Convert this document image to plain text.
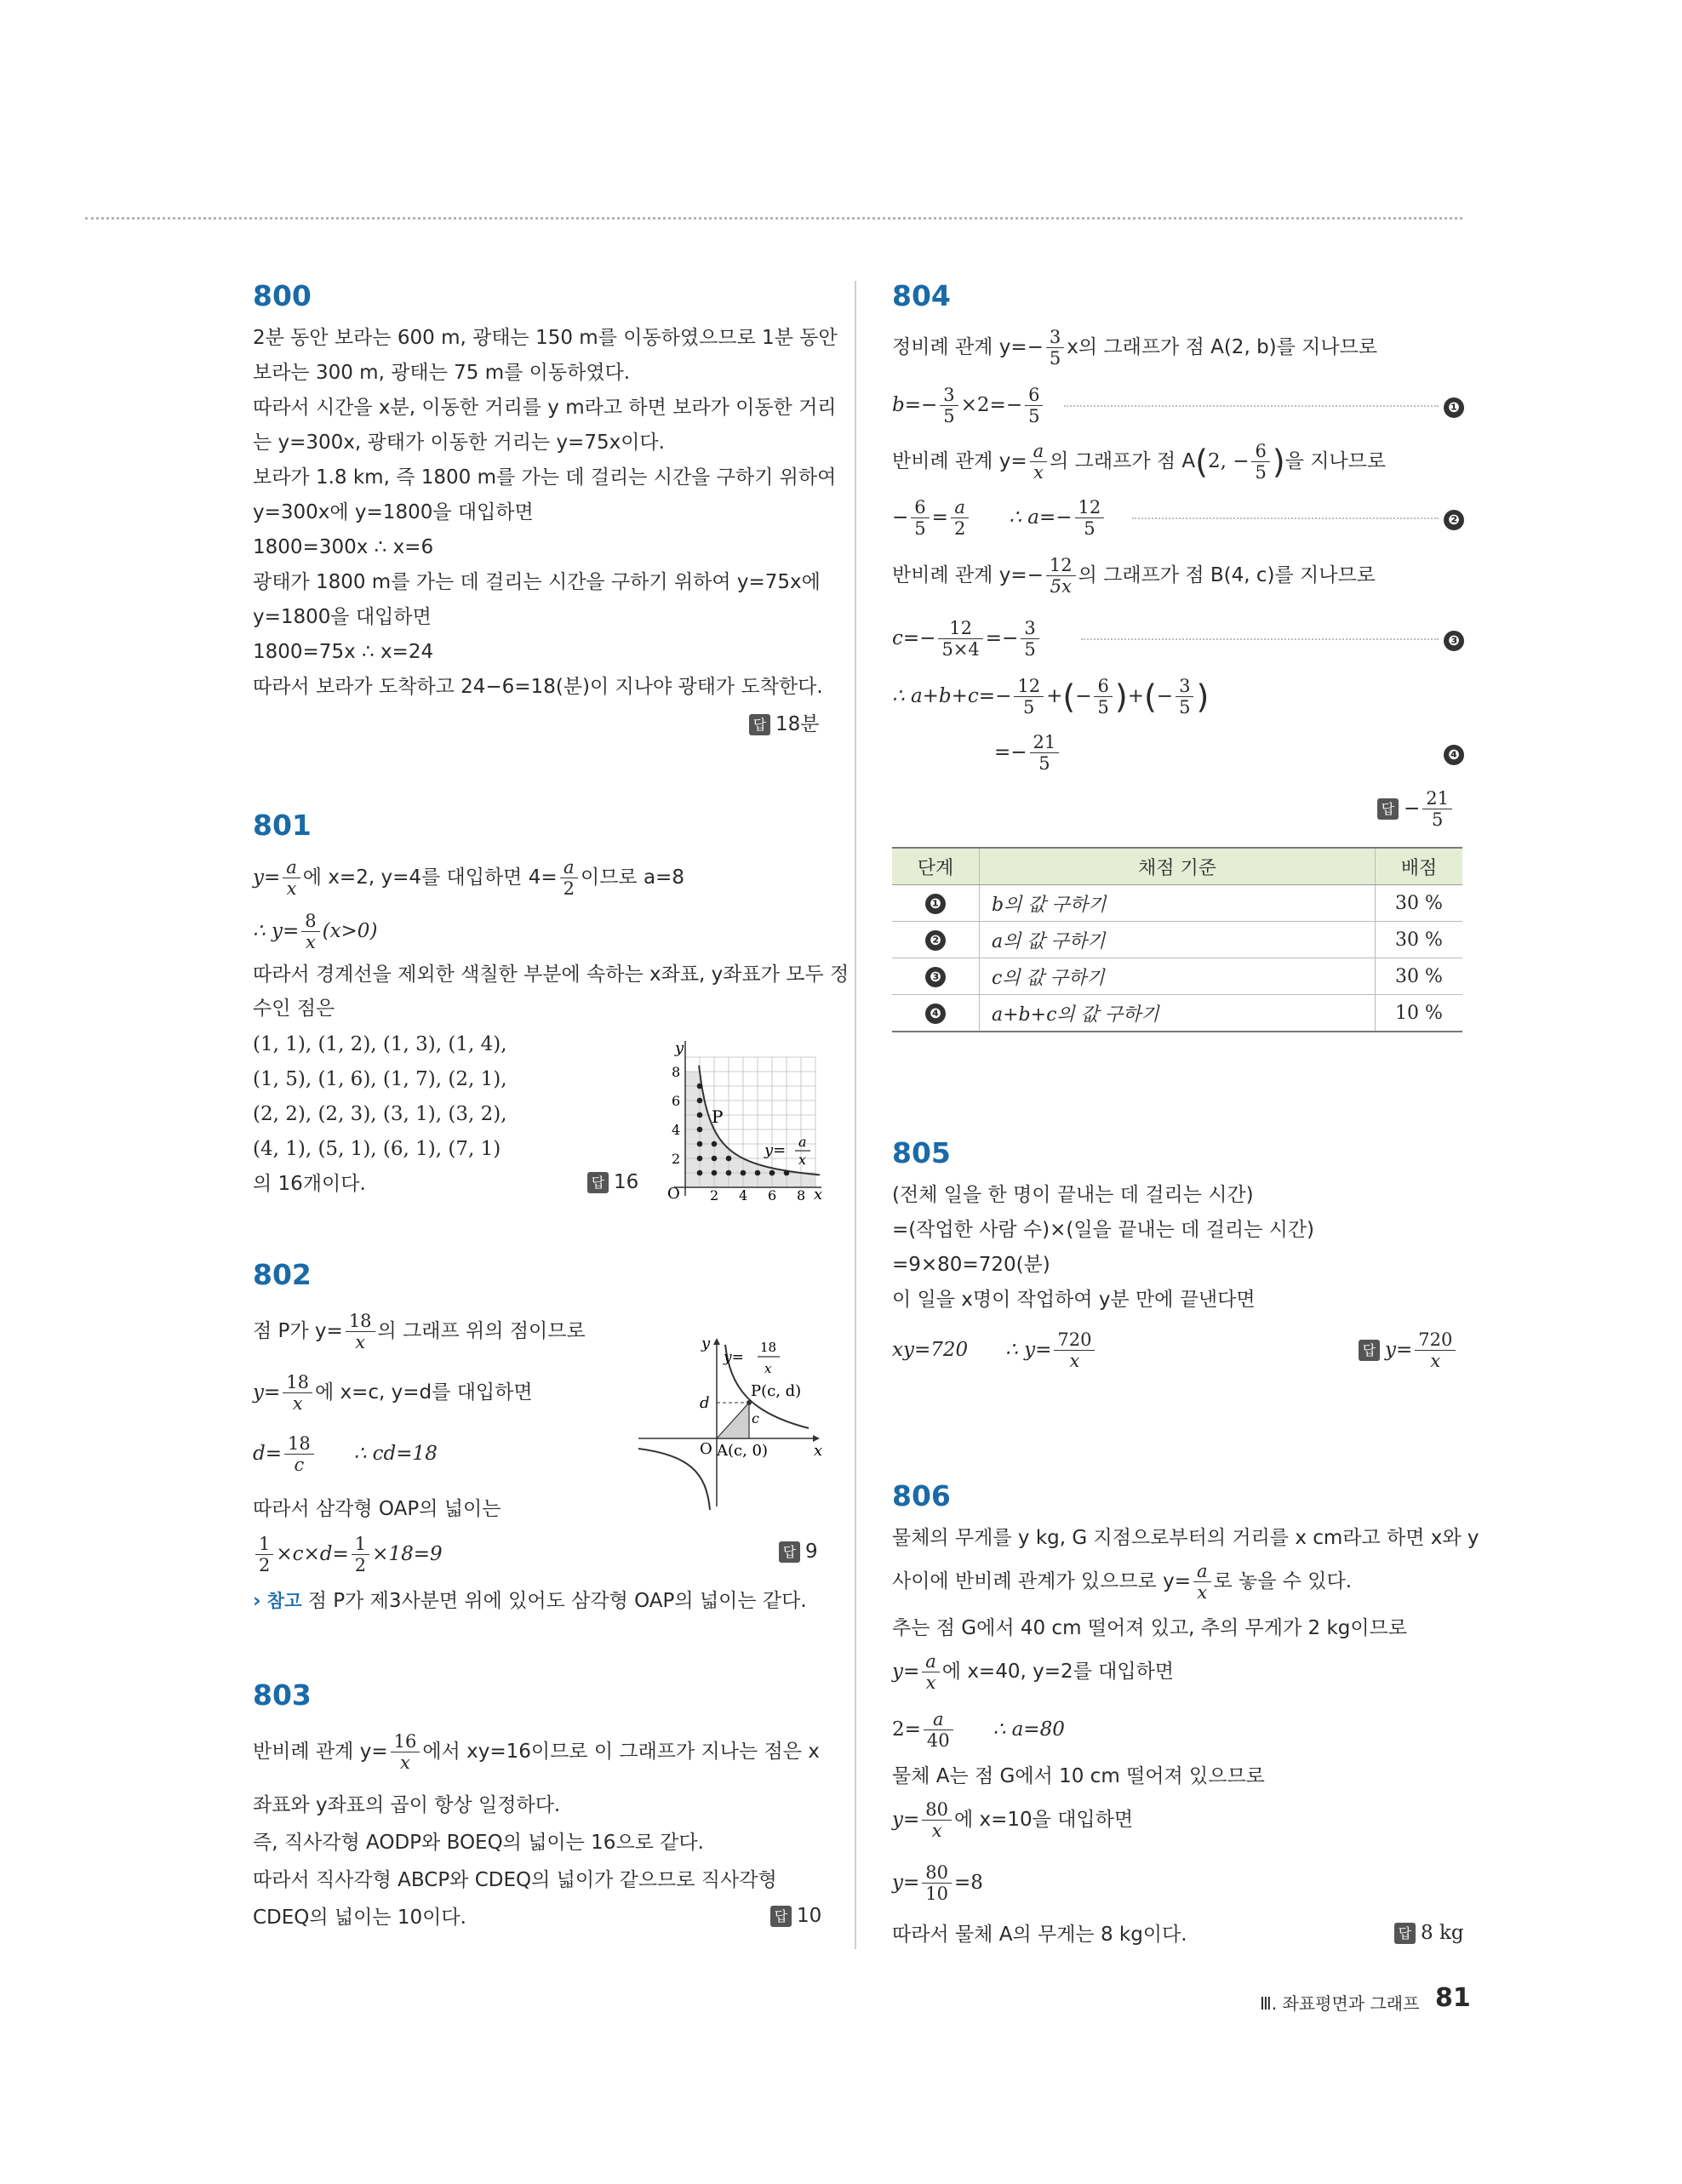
800
2분 동안 보라는 600 m, 광태는 150 m를 이동하였으므로 1분 동안
보라는 300 m, 광태는 75 m를 이동하였다.
따라서 시간을 x분, 이동한 거리를 y m라고 하면 보라가 이동한 거리
는 y=300x, 광태가 이동한 거리는 y=75x이다.
보라가 1.8 km, 즉 1800 m를 가는 데 걸리는 시간을 구하기 위하여
y=300x에 y=1800을 대입하면
1800=300x ∴ x=6
광태가 1800 m를 가는 데 걸리는 시간을 구하기 위하여 y=75x에
y=1800을 대입하면
1800=75x ∴ x=24
따라서 보라가 도착하고 24−6=18(분)이 지나야 광태가 도착한다.
답 18분
801
$y= \frac{a}{x}$ 에 x=2, y=4를 대입하면 $4= \frac{a}{2}$ 이므로 a=8
∴ $y= \frac{8}{x} (x>0)$
따라서 경계선을 제외한 색칠한 부분에 속하는 x좌표, y좌표가 모두 정
수인 점은
(1, 1), (1, 2), (1, 3), (1, 4),
(1, 5), (1, 6), (1, 7), (2, 1),
(2, 2), (2, 3), (3, 1), (3, 2),
(4, 1), (5, 1), (6, 1), (7, 1)
의 16개이다.	답 16
y
x
O
P
8
6
4
2
2 4 6 8
y= a
x
802
점 P가 $y= \frac{18}{x}$ 의 그래프 위의 점이므로
$y= \frac{18}{x}$ 에 x=c, y=d를 대입하면
$d= \frac{18}{c}$ ∴ cd=18
따라서 삼각형 OAP의 넓이는
$\frac{1}{2} \times c\times d= \frac{1}{2} \times 18=9$	답 9
› 참고 점 P가 제3사분면 위에 있어도 삼각형 OAP의 넓이는 같다.
d
c
P(c, d)
O A(c, 0)	x
y
y=
18
x
803
반비례 관계 $y= \frac{16}{x}$ 에서 xy=16이므로 이 그래프가 지나는 점은 x
좌표와 y좌표의 곱이 항상 일정하다.
즉, 직사각형 AODP와 BOEQ의 넓이는 16으로 같다.
따라서 직사각형 ABCP와 CDEQ의 넓이가 같으므로 직사각형
CDEQ의 넓이는 10이다.	답 10
804
정비례 관계 $y=- \frac{3}{5}$ x의 그래프가 점 A(2, b)를 지나므로
$b=- \frac{3}{5} \times 2=- \frac{6}{5}$	❶
반비례 관계 $y= \frac{a}{x}$ 의 그래프가 점 A(2, − $\frac{6}{5}$ )을 지나므로
− $\frac{6}{5} = \frac{a}{2}$ ∴ $a=- \frac{12}{5}$	❷
반비례 관계 $y=- \frac{12}{5x}$ 의 그래프가 점 B(4, c)를 지나므로
$c=- \frac{12}{5\times 4} =- \frac{3}{5}$	❸
∴ $a+b+c=- \frac{12}{5}$ +(− $\frac{6}{5}$ )+(− $\frac{3}{5}$ )
=− $\frac{21}{5}$	❹
답 − $\frac{21}{5}$
단계	채점 기준	배점
❶	b의 값 구하기	30 %
❷	a의 값 구하기	30 %
❸	c의 값 구하기	30 %
❹	a+b+c의 값 구하기	10 %
805
(전체 일을 한 명이 끝내는 데 걸리는 시간)
=(작업한 사람 수)×(일을 끝내는 데 걸리는 시간)
=9×80=720(분)
이 일을 x명이 작업하여 y분 만에 끝낸다면
xy=720 ∴ $y= \frac{720}{x}$	답 $y= \frac{720}{x}$
806
물체의 무게를 y kg, G 지점으로부터의 거리를 x cm라고 하면 x와 y
사이에 반비례 관계가 있으므로 $y= \frac{a}{x}$ 로 놓을 수 있다.
추는 점 G에서 40 cm 떨어져 있고, 추의 무게가 2 kg이므로
$y= \frac{a}{x}$ 에 x=40, y=2를 대입하면
$2= \frac{a}{40}$ ∴ a=80
물체 A는 점 G에서 10 cm 떨어져 있으므로
$y= \frac{80}{x}$ 에 x=10을 대입하면
$y= \frac{80}{10} =8$
따라서 물체 A의 무게는 8 kg이다.	답 8 kg
Ⅲ. 좌표평면과 그래프 81
